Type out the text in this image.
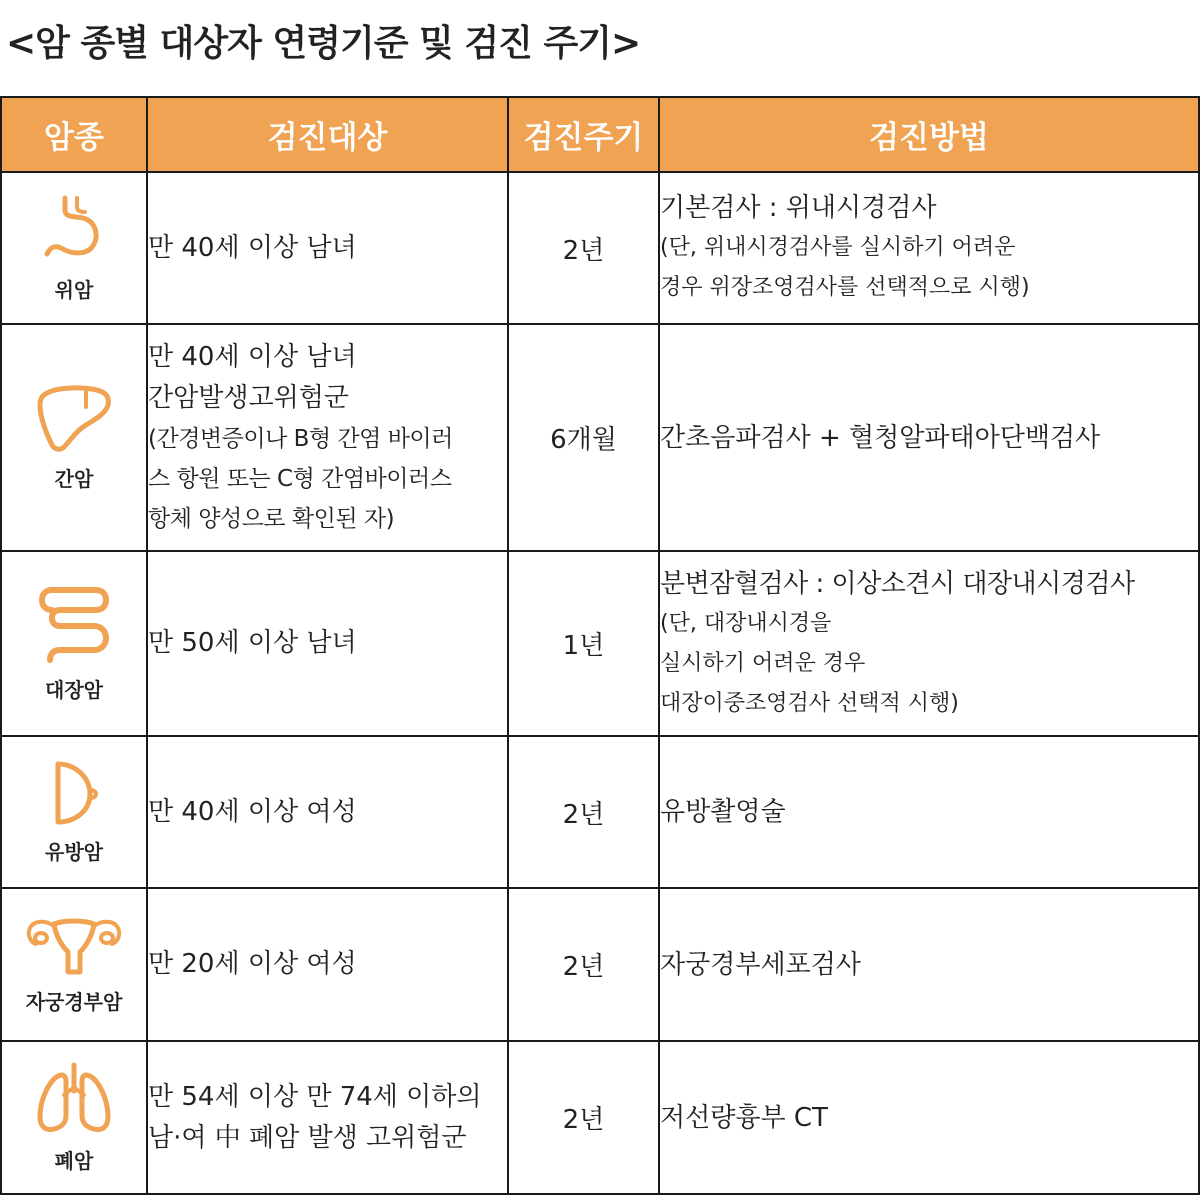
<암 종별 대상자 연령기준 및 검진 주기>
암종	검진대상	검진주기	검진방법

위암	만 40세 이상 남녀	2년	기본검사 : 위내시경검사
(단, 위내시경검사를 실시하기 어려운
경우 위장조영검사를 선택적으로 시행)

간암	만 40세 이상 남녀
간암발생고위험군
(간경변증이나 B형 간염 바이러
스 항원 또는 C형 간염바이러스
항체 양성으로 확인된 자)	6개월	간초음파검사 + 혈청알파태아단백검사

대장암	만 50세 이상 남녀	1년	분변잠혈검사 : 이상소견시 대장내시경검사
(단, 대장내시경을
실시하기 어려운 경우
대장이중조영검사 선택적 시행)

유방암	만 40세 이상 여성	2년	유방촬영술

자궁경부암	만 20세 이상 여성	2년	자궁경부세포검사

폐암	만 54세 이상 만 74세 이하의
남·여 中 폐암 발생 고위험군	2년	저선량흉부 CT
